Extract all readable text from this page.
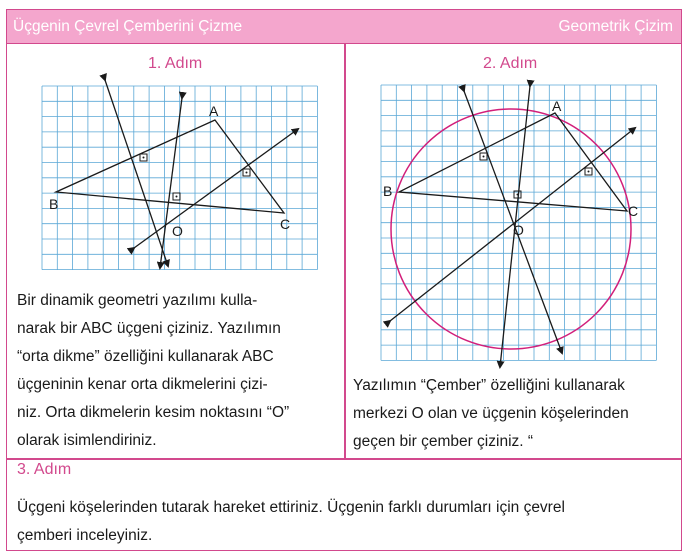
Üçgenin Çevrel Çemberini Çizme	Geometrik Çizim
1. Adım
A
B
C
O
Bir dinamik geometri yazılımı kulla-
narak bir ABC üçgeni çiziniz. Yazılımın
“orta dikme” özelliğini kullanarak ABC
üçgeninin kenar orta dikmelerini çizi-
niz. Orta dikmelerin kesim noktasını “O”
olarak isimlendiriniz.
2. Adım
A
B
C
O
Yazılımın “Çember” özelliğini kullanarak
merkezi O olan ve üçgenin köşelerinden
geçen bir çember çiziniz. “
3. Adım
Üçgeni köşelerinden tutarak hareket ettiriniz. Üçgenin farklı durumları için çevrel
çemberi inceleyiniz.
